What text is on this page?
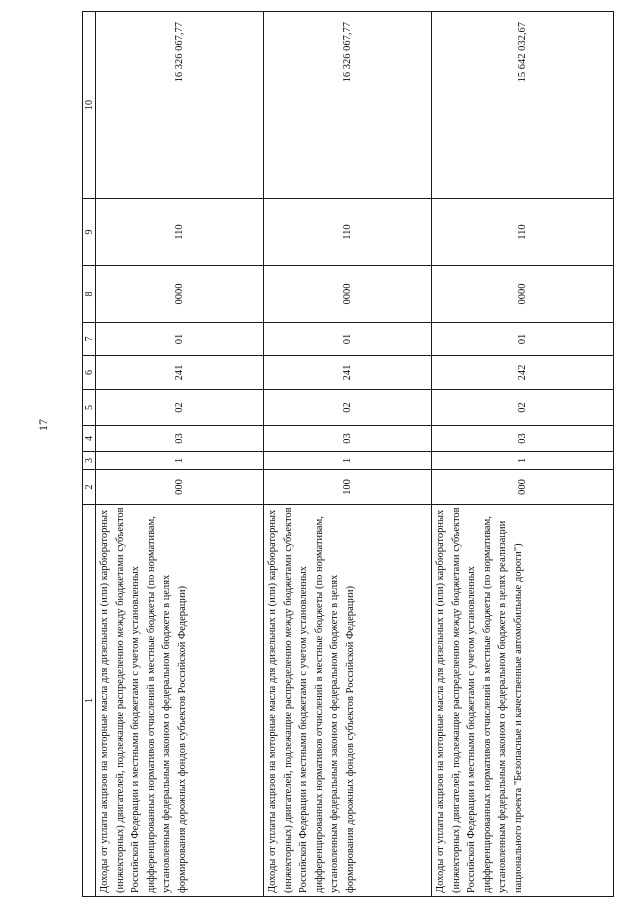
17
1	2	3	4	5	6	7	8	9	10
Доходы от уплаты акцизов на моторные масла для дизельных и (или) карбюраторных (инжекторных) двигателей, подлежащие распределению между бюджетами субъектов Российской Федерации и местными бюджетами с учетом установленных дифференцированных нормативов отчислений в местные бюджеты (по нормативам, установленным федеральным законом о федеральном бюджете в целях формирования дорожных фондов субъектов Российской Федерации)	000	1	03	02	241	01	0000	110	16 326 067,77
Доходы от уплаты акцизов на моторные масла для дизельных и (или) карбюраторных (инжекторных) двигателей, подлежащие распределению между бюджетами субъектов Российской Федерации и местными бюджетами с учетом установленных дифференцированных нормативов отчислений в местные бюджеты (по нормативам, установленным федеральным законом о федеральном бюджете в целях формирования дорожных фондов субъектов Российской Федерации)	100	1	03	02	241	01	0000	110	16 326 067,77
Доходы от уплаты акцизов на моторные масла для дизельных и (или) карбюраторных (инжекторных) двигателей, подлежащие распределению между бюджетами субъектов Российской Федерации и местными бюджетами с учетом установленных дифференцированных нормативов отчислений в местные бюджеты (по нормативам, установленным федеральным законом о федеральном бюджете в целях реализации национального проекта "Безопасные и качественные автомобильные дороги")	000	1	03	02	242	01	0000	110	15 642 032,67
